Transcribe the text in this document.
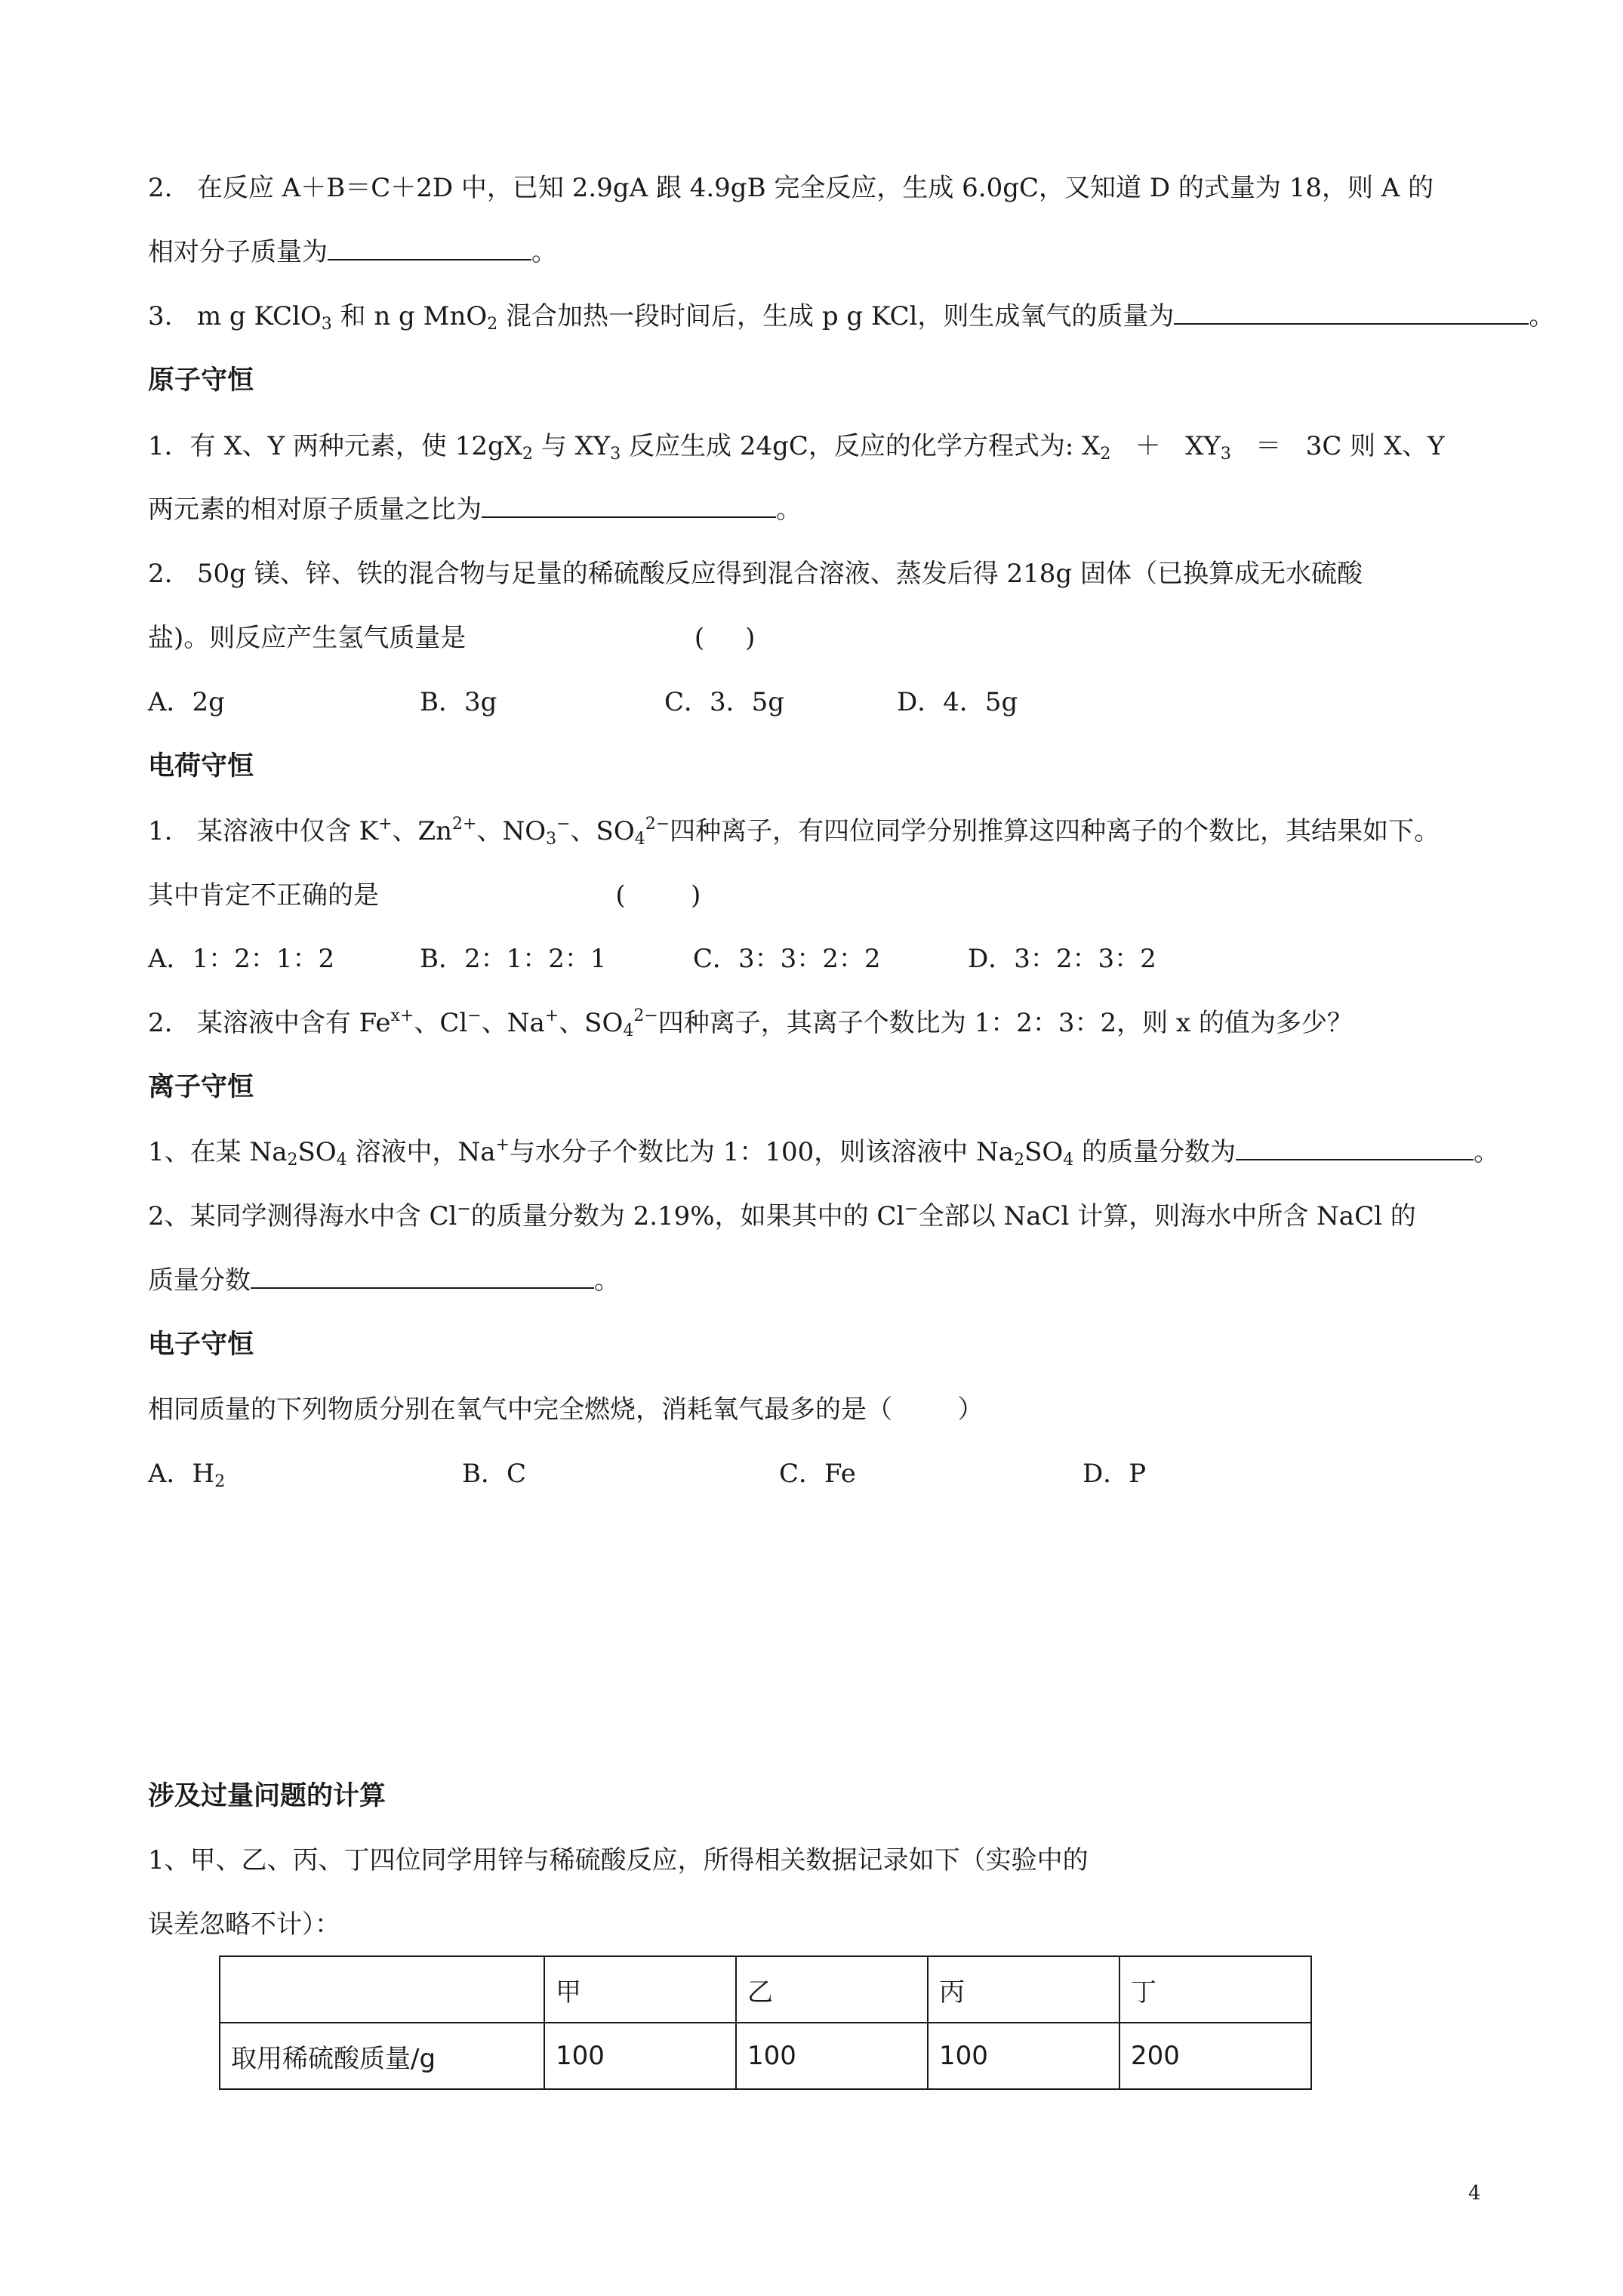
2.   在反应 A＋B＝C＋2D 中，已知 2.9gA 跟 4.9gB 完全反应，生成 6.0gC，又知道 D 的式量为 18，则 A 的
相对分子质量为	。
3.   m g KClO$_3$ 和 n g MnO$_2$ 混合加热一段时间后，生成 p g KCl，则生成氧气的质量为	。
原子守恒
1．有 X、Y 两种元素，使 $12gX_2$ 与 $XY_3$ 反应生成 24gC，反应的化学方程式为: $X_2 + XY_3 = 3C$ 则 X、Y
两元素的相对原子质量之比为	。
2.   50g 镁、锌、铁的混合物与足量的稀硫酸反应得到混合溶液、蒸发后得 218g 固体（已换算成无水硫酸
盐)。则反应产生氢气质量是                            (     )
A．2g	B．3g	C．3．5g	D．4．5g
电荷守恒
1.   某溶液中仅含 K+、$Zn^{2+}$、$NO_3^-$、$SO_4^{2-}$四种离子，有四位同学分别推算这四种离子的个数比，其结果如下。
其中肯定不正确的是                             (        )
A．1：2：1：2	B．2：1：2：1	C．3：3：2：2	D．3：2：3：2
2.   某溶液中含有 $Fe^{x+}$、Cl−、Na+、$SO_4^{2-}$四种离子，其离子个数比为 1：2：3：2，则 x 的值为多少？
离子守恒
1、在某 $Na_2SO_4$ 溶液中，Na+与水分子个数比为 1：100，则该溶液中 $Na_2SO_4$ 的质量分数为	。
2、某同学测得海水中含 Cl−的质量分数为 2.19%，如果其中的 Cl−全部以 NaCl 计算，则海水中所含 NaCl 的
质量分数	。
电子守恒
相同质量的下列物质分别在氧气中完全燃烧，消耗氧气最多的是（        ）
A．$H_2$	B．C	C．Fe	D．P
涉及过量问题的计算
1、甲、乙、丙、丁四位同学用锌与稀硫酸反应，所得相关数据记录如下（实验中的
误差忽略不计）：
	甲	乙	丙	丁
取用稀硫酸质量/g	100	100	100	200
4
